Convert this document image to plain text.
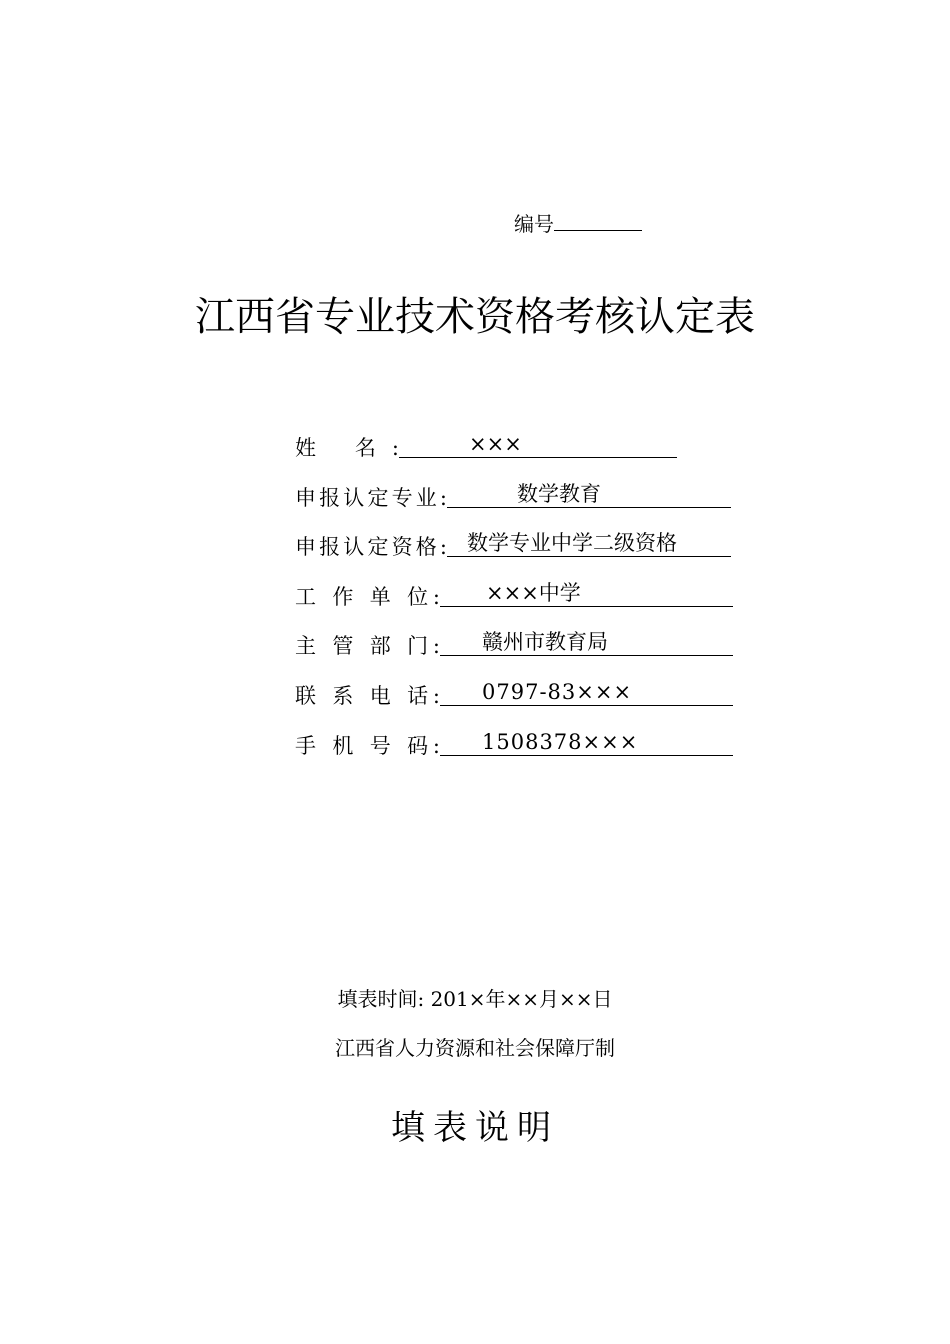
编号
江西省专业技术资格考核认定表
姓 名:	×××
申报认定专业:	数学教育
申报认定资格: 数学专业中学二级资格
工 作 单 位:	×××中学
主 管 部 门:	赣州市教育局
联 系 电 话:	0797-83×××
手 机 号 码:	1508378×××
填表时间: 201×年××月××日
江西省人力资源和社会保障厅制
填表说明
